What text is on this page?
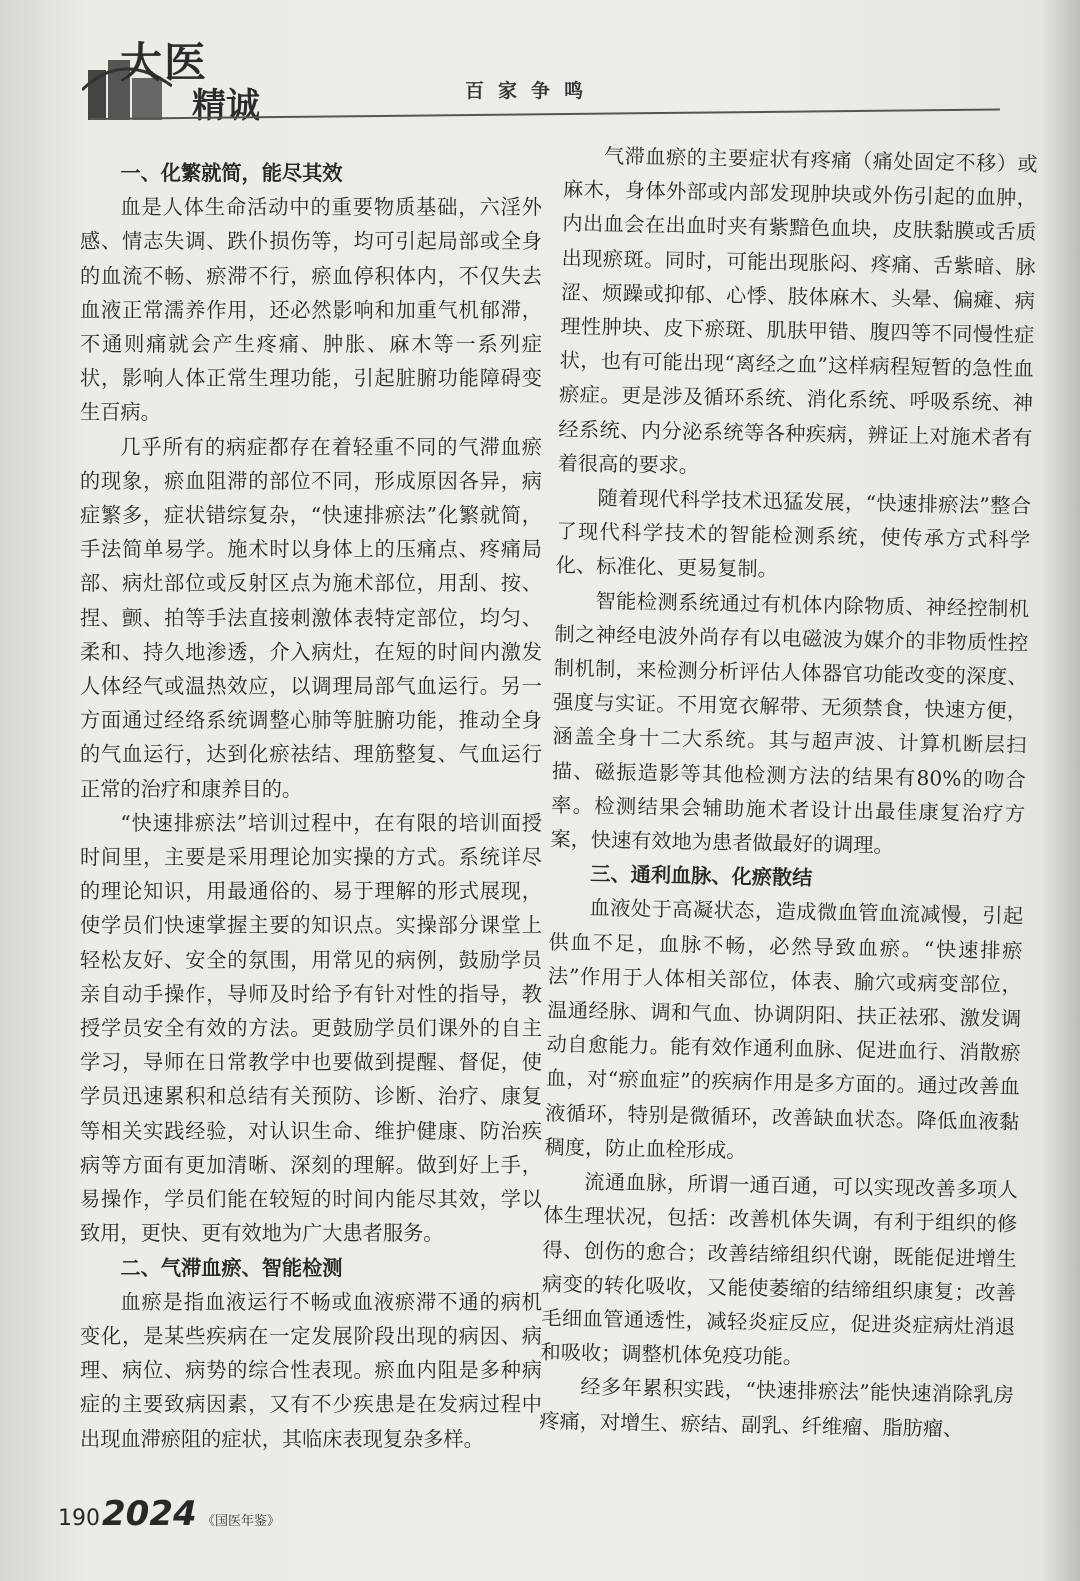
大医
精诚	百家争鸣
一、化繁就简，能尽其效

血是人体生命活动中的重要物质基础，六淫外感、情志失调、跌仆损伤等，均可引起局部或全身的血流不畅、瘀滞不行，瘀血停积体内，不仅失去血液正常濡养作用，还必然影响和加重气机郁滞，不通则痛就会产生疼痛、肿胀、麻木等一系列症状，影响人体正常生理功能，引起脏腑功能障碍变生百病。

几乎所有的病症都存在着轻重不同的气滞血瘀的现象，瘀血阻滞的部位不同，形成原因各异，病症繁多，症状错综复杂，“快速排瘀法”化繁就简，手法简单易学。施术时以身体上的压痛点、疼痛局部、病灶部位或反射区点为施术部位，用刮、按、捏、颤、拍等手法直接刺激体表特定部位，均匀、柔和、持久地渗透，介入病灶，在短的时间内激发人体经气或温热效应，以调理局部气血运行。另一方面通过经络系统调整心肺等脏腑功能，推动全身的气血运行，达到化瘀祛结、理筋整复、气血运行正常的治疗和康养目的。

“快速排瘀法”培训过程中，在有限的培训面授时间里，主要是采用理论加实操的方式。系统详尽的理论知识，用最通俗的、易于理解的形式展现，使学员们快速掌握主要的知识点。实操部分课堂上轻松友好、安全的氛围，用常见的病例，鼓励学员亲自动手操作，导师及时给予有针对性的指导，教授学员安全有效的方法。更鼓励学员们课外的自主学习，导师在日常教学中也要做到提醒、督促，使学员迅速累积和总结有关预防、诊断、治疗、康复等相关实践经验，对认识生命、维护健康、防治疾病等方面有更加清晰、深刻的理解。做到好上手，易操作，学员们能在较短的时间内能尽其效，学以致用，更快、更有效地为广大患者服务。

二、气滞血瘀、智能检测

血瘀是指血液运行不畅或血液瘀滞不通的病机变化，是某些疾病在一定发展阶段出现的病因、病理、病位、病势的综合性表现。瘀血内阻是多种病症的主要致病因素，又有不少疾患是在发病过程中出现血滞瘀阻的症状，其临床表现复杂多样。

气滞血瘀的主要症状有疼痛（痛处固定不移）或麻木，身体外部或内部发现肿块或外伤引起的血肿，内出血会在出血时夹有紫黯色血块，皮肤黏膜或舌质出现瘀斑。同时，可能出现胀闷、疼痛、舌紫暗、脉涩、烦躁或抑郁、心悸、肢体麻木、头晕、偏瘫、病理性肿块、皮下瘀斑、肌肤甲错、腹四等不同慢性症状，也有可能出现“离经之血”这样病程短暂的急性血瘀症。更是涉及循环系统、消化系统、呼吸系统、神经系统、内分泌系统等各种疾病，辨证上对施术者有着很高的要求。

随着现代科学技术迅猛发展，“快速排瘀法”整合了现代科学技术的智能检测系统，使传承方式科学化、标准化、更易复制。

智能检测系统通过有机体内除物质、神经控制机制之神经电波外尚存有以电磁波为媒介的非物质性控制机制，来检测分析评估人体器官功能改变的深度、强度与实证。不用宽衣解带、无须禁食，快速方便，涵盖全身十二大系统。其与超声波、计算机断层扫描、磁振造影等其他检测方法的结果有80%的吻合率。检测结果会辅助施术者设计出最佳康复治疗方案，快速有效地为患者做最好的调理。

三、通利血脉、化瘀散结

血液处于高凝状态，造成微血管血流减慢，引起供血不足，血脉不畅，必然导致血瘀。“快速排瘀法”作用于人体相关部位，体表、腧穴或病变部位，温通经脉、调和气血、协调阴阳、扶正祛邪、激发调动自愈能力。能有效作通利血脉、促进血行、消散瘀血，对“瘀血症”的疾病作用是多方面的。通过改善血液循环，特别是微循环，改善缺血状态。降低血液黏稠度，防止血栓形成。

流通血脉，所谓一通百通，可以实现改善多项人体生理状况，包括：改善机体失调，有利于组织的修得、创伤的愈合；改善结缔组织代谢，既能促进增生病变的转化吸收，又能使萎缩的结缔组织康复；改善毛细血管通透性，减轻炎症反应，促进炎症病灶消退和吸收；调整机体免疫功能。

经多年累积实践，“快速排瘀法”能快速消除乳房疼痛，对增生、瘀结、副乳、纤维瘤、脂肪瘤、

190 2024 《国医年鉴》
